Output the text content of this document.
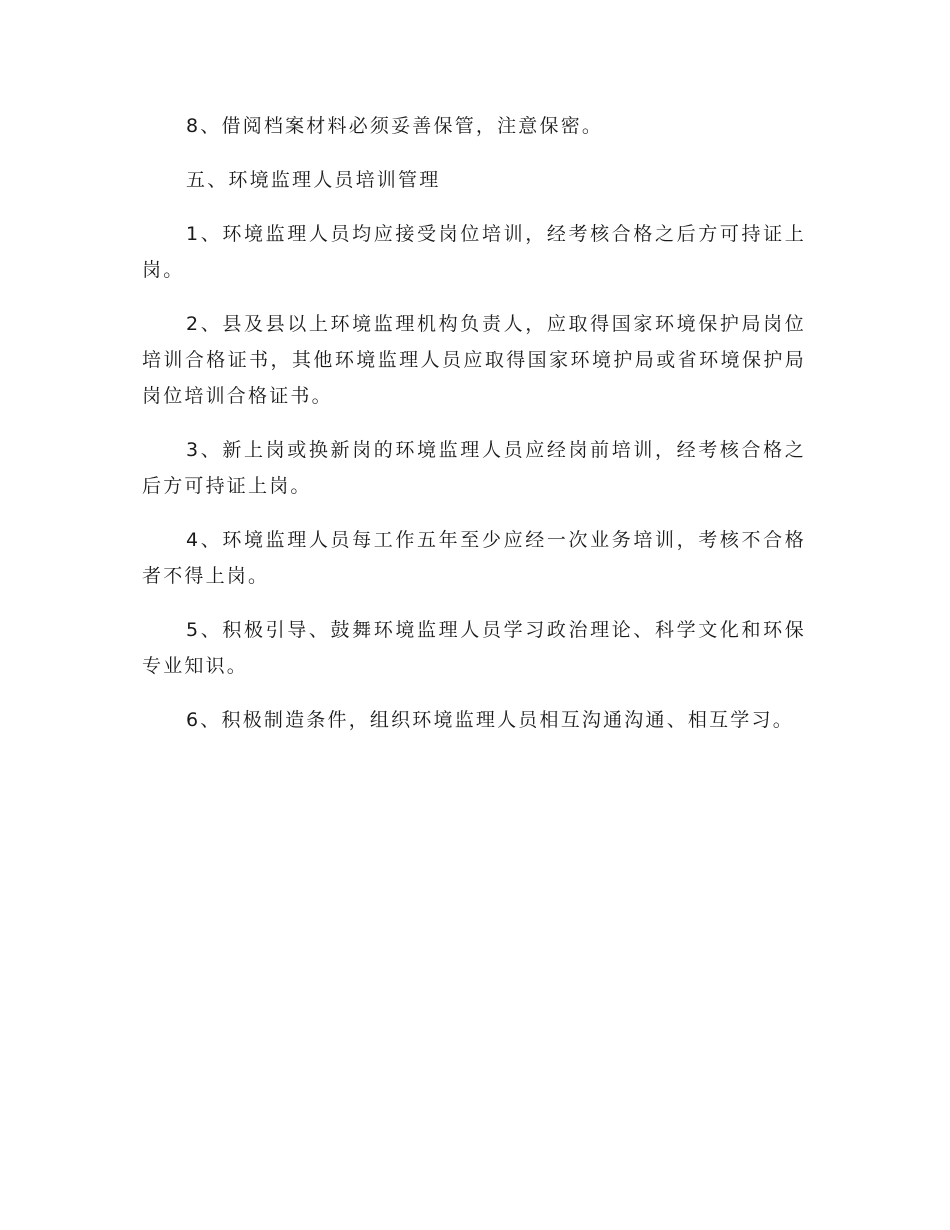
8、借阅档案材料必须妥善保管，注意保密。

五、环境监理人员培训管理

1、环境监理人员均应接受岗位培训，经考核合格之后方可持证上岗。

2、县及县以上环境监理机构负责人，应取得国家环境保护局岗位培训合格证书，其他环境监理人员应取得国家环境护局或省环境保护局岗位培训合格证书。

3、新上岗或换新岗的环境监理人员应经岗前培训，经考核合格之后方可持证上岗。

4、环境监理人员每工作五年至少应经一次业务培训，考核不合格者不得上岗。

5、积极引导、鼓舞环境监理人员学习政治理论、科学文化和环保专业知识。

6、积极制造条件，组织环境监理人员相互沟通沟通、相互学习。
